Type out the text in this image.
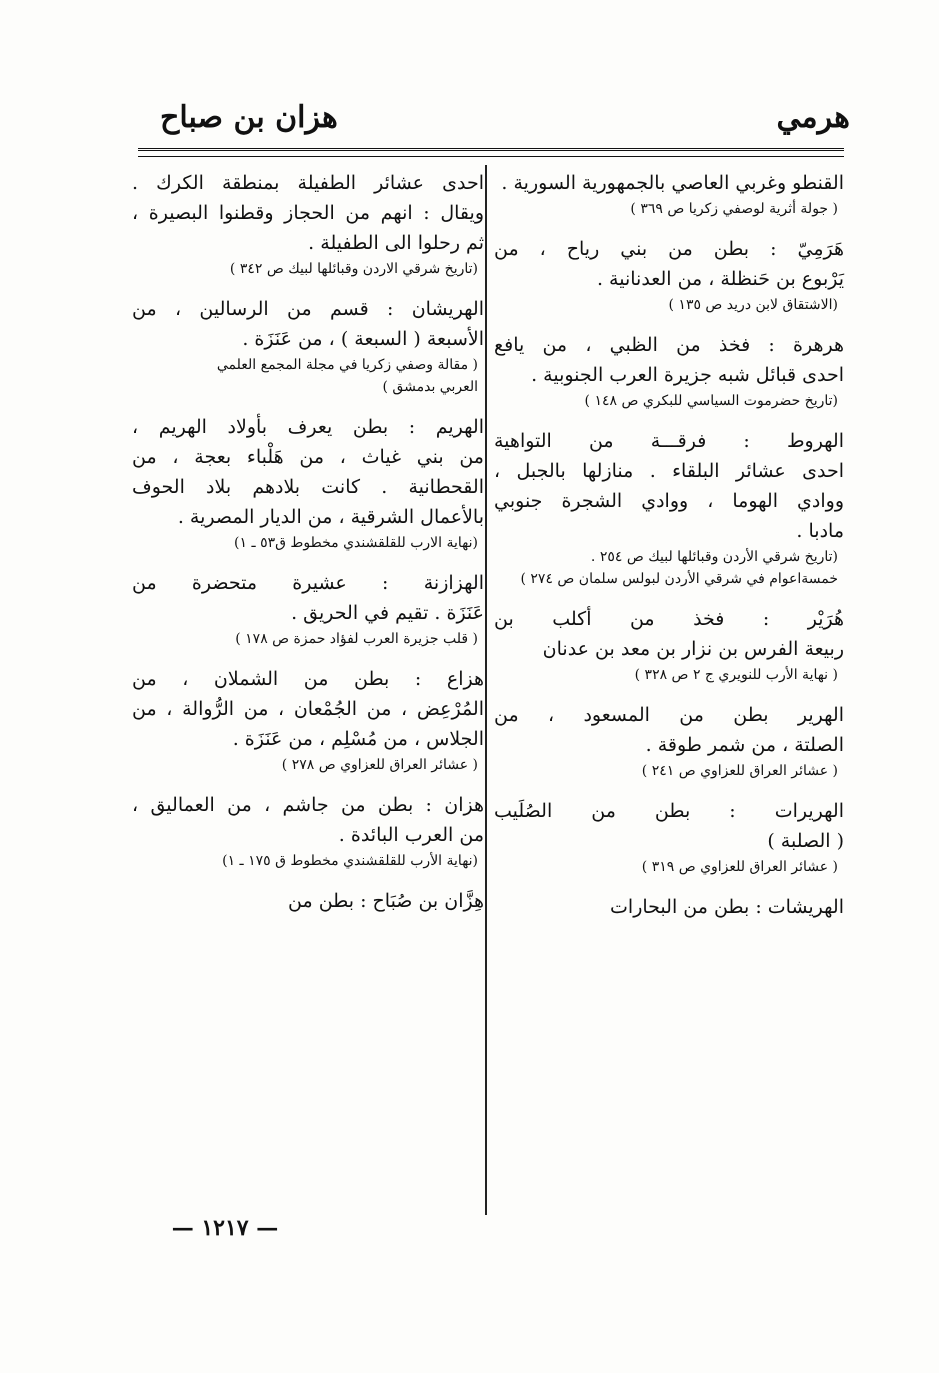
هرمي
هزان بن صباح

القنطو وغربي العاصي بالجمهورية السورية .

( جولة أثرية لوصفي زكريا ص ٣٦٩ )

هَرَمِيّ : بطن من بني رياح ، من

يَرْبوع بن حَنظلة ، من العدنانية .

(الاشتقاق لابن دريد ص ١٣٥ )

هرهرة : فخذ من الظبي ، من يافع

احدى قبائل شبه جزيرة العرب الجنوبية .

(تاريخ حضرموت السياسي للبكري ص ١٤٨ )

الهروط : فرقـــة من التواهية

احدى عشائر البلقاء . منازلها بالجبل ،

ووادي الهوما ، ووادي الشجرة جنوبي

مادبا .

(تاريخ شرقي الأردن وقبائلها لبيك ص ٢٥٤ .

خمسةاعوام في شرقي الأردن لبولس سلمان ص ٢٧٤ )

هُرَيْر : فخذ من أكلب بن

ربيعة الفرس بن نزار بن معد بن عدنان

( نهاية الأرب للنويري ج ٢ ص ٣٢٨ )

الهرير بطن من المسعود ، من

الصلتة ، من شمر طوقة .

( عشائر العراق للعزاوي ص ٢٤١ )

الهريرات : بطن من الصُلَيب

( الصلبة )

( عشائر العراق للعزاوي ص ٣١٩ )

الهريشات : بطن من البحارات

احدى عشائر الطفيلة بمنطقة الكرك .

ويقال : انهم من الحجاز وقطنوا البصيرة ،

ثم رحلوا الى الطفيلة .

(تاريخ شرقي الاردن وقبائلها لبيك ص ٣٤٢ )

الهريشان : قسم من الرسالين ، من

الأسبعة ( السبعة ) ، من عَنَزَة .

( مقالة وصفي زكريا في مجلة المجمع العلمي

العربي بدمشق )

الهريم : بطن يعرف بأولاد الهريم ،

من بني غياث ، من هَلْباء بعجة ، من

القحطانية . كانت بلادهم بلاد الحوف

بالأعمال الشرقية ، من الديار المصرية .

(نهاية الارب للقلقشندي مخطوط ق٥٣ ـ ١)

الهزازنة : عشيرة متحضرة من

عَنَزَة . تقيم في الحريق .

( قلب جزيرة العرب لفؤاد حمزة ص ١٧٨ )

هزاع : بطن من الشملان ، من

المُرْعِض ، من الجُمْعان ، من الرُّوالة ، من

الجلاس ، من مُسْلِم ، من عَنَزَة .

( عشائر العراق للعزاوي ص ٢٧٨ )

هزان : بطن من جاشم ، من العماليق ،

من العرب البائدة .

(نهاية الأرب للقلقشندي مخطوط ق ١٧٥ ـ ١)

هِزَّان بن صُبَاح : بطن من

— ١٢١٧ —
